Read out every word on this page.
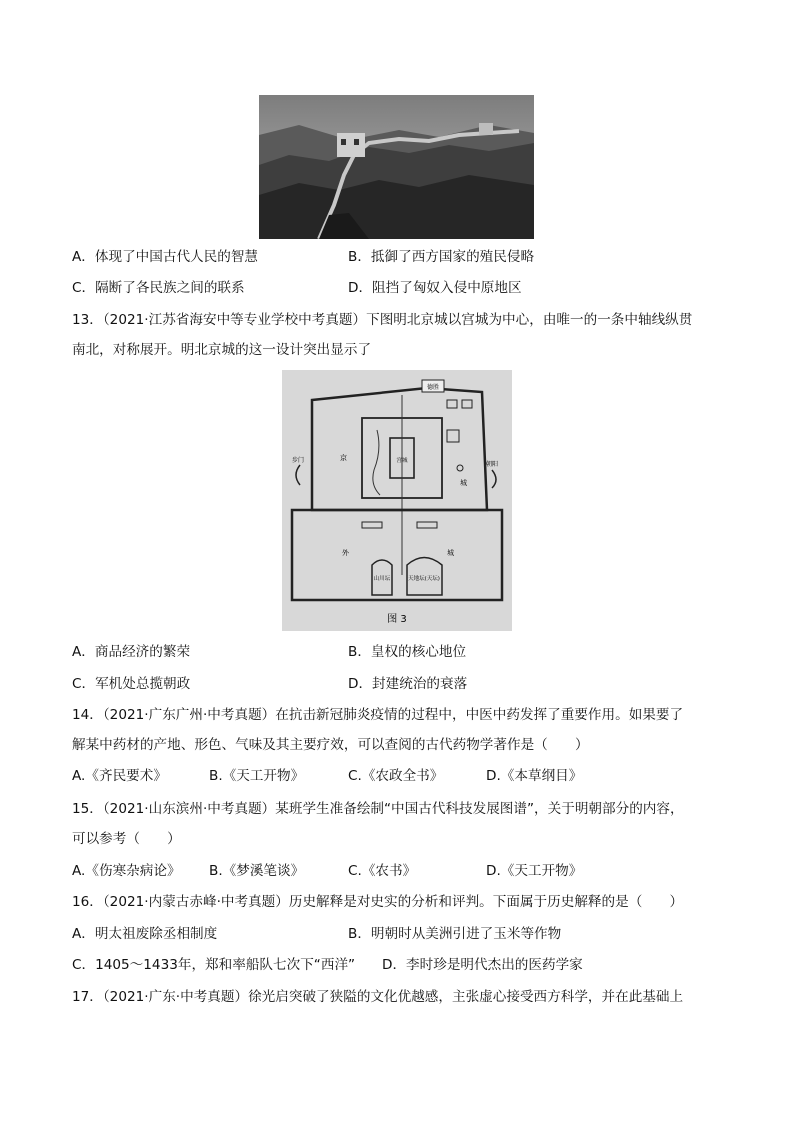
A．体现了中国古代人民的智慧	B．抵御了西方国家的殖民侵略
C．隔断了各民族之间的联系	D．阻挡了匈奴入侵中原地区
13．（2021·江苏省海安中等专业学校中考真题）下图明北京城以宫城为中心，由唯一的一条中轴线纵贯
南北，对称展开。明北京城的这一设计突出显示了
德胜
步门
朝阳
京
城
宫城
外	城
山川坛	天地坛(天坛)
图 3
A．商品经济的繁荣	B．皇权的核心地位
C．军机处总揽朝政	D．封建统治的衰落
14．（2021·广东广州·中考真题）在抗击新冠肺炎疫情的过程中，中医中药发挥了重要作用。如果要了
解某中药材的产地、形色、气味及其主要疗效，可以查阅的古代药物学著作是（　　）
A.《齐民要术》	B.《天工开物》	C.《农政全书》	D.《本草纲目》
15．（2021·山东滨州·中考真题）某班学生准备绘制“中国古代科技发展图谱”，关于明朝部分的内容，
可以参考（　　）
A.《伤寒杂病论》 B.《梦溪笔谈》	C.《农书》	D.《天工开物》
16．（2021·内蒙古赤峰·中考真题）历史解释是对史实的分析和评判。下面属于历史解释的是（　　）
A．明太祖废除丞相制度	B．明朝时从美洲引进了玉米等作物
C．1405～1433年，郑和率船队七次下“西洋” D．李时珍是明代杰出的医药学家
17．（2021·广东·中考真题）徐光启突破了狭隘的文化优越感，主张虚心接受西方科学，并在此基础上
